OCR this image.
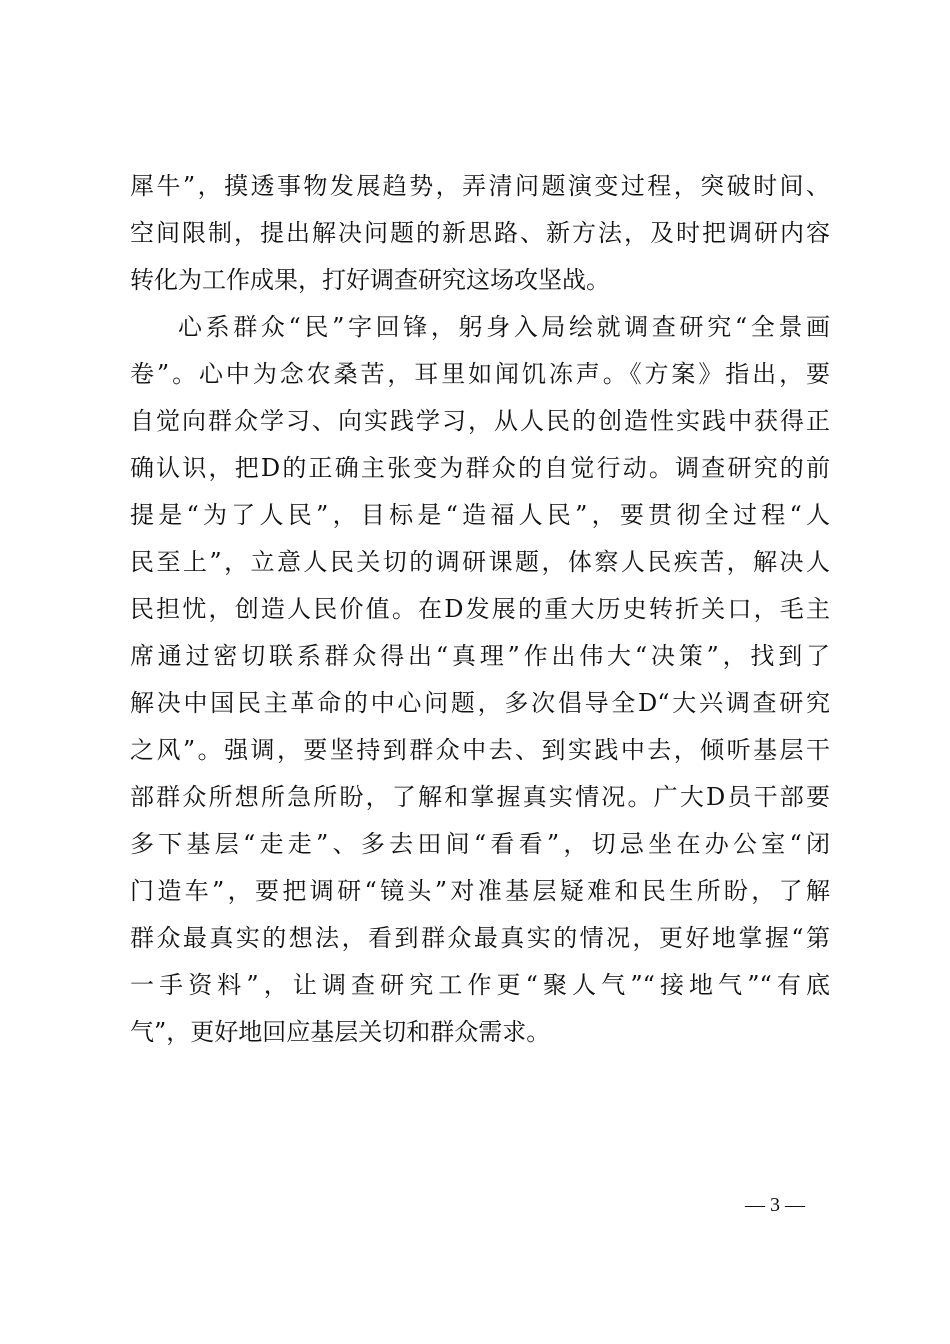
犀牛”，摸透事物发展趋势，弄清问题演变过程，突破时间、
空间限制，提出解决问题的新思路、新方法，及时把调研内容
转化为工作成果，打好调查研究这场攻坚战。
心系群众“民”字回锋，躬身入局绘就调查研究“全景画
卷”。心中为念农桑苦，耳里如闻饥冻声。《方案》指出，要
自觉向群众学习、向实践学习，从人民的创造性实践中获得正
确认识，把D的正确主张变为群众的自觉行动。调查研究的前
提是“为了人民”，目标是“造福人民”，要贯彻全过程“人
民至上”，立意人民关切的调研课题，体察人民疾苦，解决人
民担忧，创造人民价值。在D发展的重大历史转折关口，毛主
席通过密切联系群众得出“真理”作出伟大“决策”，找到了
解决中国民主革命的中心问题，多次倡导全D“大兴调查研究
之风”。强调，要坚持到群众中去、到实践中去，倾听基层干
部群众所想所急所盼，了解和掌握真实情况。广大D员干部要
多下基层“走走”、多去田间“看看”，切忌坐在办公室“闭
门造车”，要把调研“镜头”对准基层疑难和民生所盼，了解
群众最真实的想法，看到群众最真实的情况，更好地掌握“第
一手资料”，让调查研究工作更“聚人气”“接地气”“有底
气”，更好地回应基层关切和群众需求。
— 3 —
